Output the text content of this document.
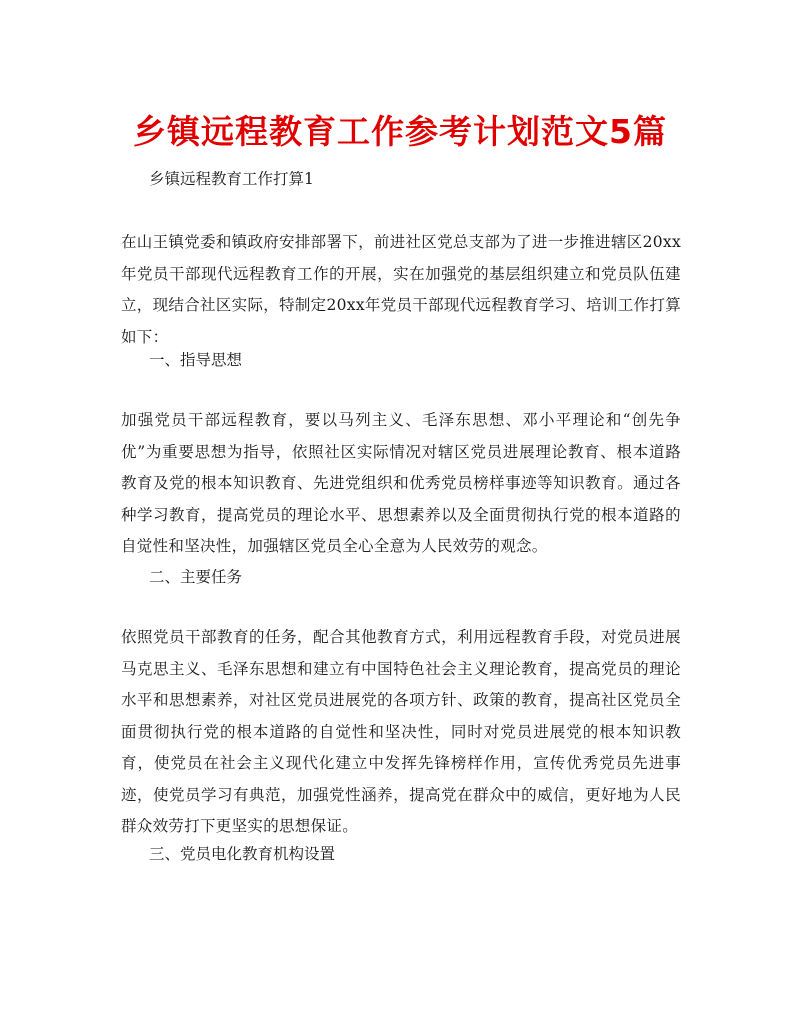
乡镇远程教育工作参考计划范文5篇

乡镇远程教育工作打算1

在山王镇党委和镇政府安排部署下，前进社区党总支部为了进一步推进辖区20xx年党员干部现代远程教育工作的开展，实在加强党的基层组织建立和党员队伍建立，现结合社区实际，特制定20xx年党员干部现代远程教育学习、培训工作打算如下：

一、指导思想

加强党员干部远程教育，要以马列主义、毛泽东思想、邓小平理论和“创先争优”为重要思想为指导，依照社区实际情况对辖区党员进展理论教育、根本道路教育及党的根本知识教育、先进党组织和优秀党员榜样事迹等知识教育。通过各种学习教育，提高党员的理论水平、思想素养以及全面贯彻执行党的根本道路的自觉性和坚决性，加强辖区党员全心全意为人民效劳的观念。

二、主要任务

依照党员干部教育的任务，配合其他教育方式，利用远程教育手段，对党员进展马克思主义、毛泽东思想和建立有中国特色社会主义理论教育，提高党员的理论水平和思想素养，对社区党员进展党的各项方针、政策的教育，提高社区党员全面贯彻执行党的根本道路的自觉性和坚决性，同时对党员进展党的根本知识教育，使党员在社会主义现代化建立中发挥先锋榜样作用，宣传优秀党员先进事迹，使党员学习有典范，加强党性涵养，提高党在群众中的威信，更好地为人民群众效劳打下更坚实的思想保证。

三、党员电化教育机构设置
